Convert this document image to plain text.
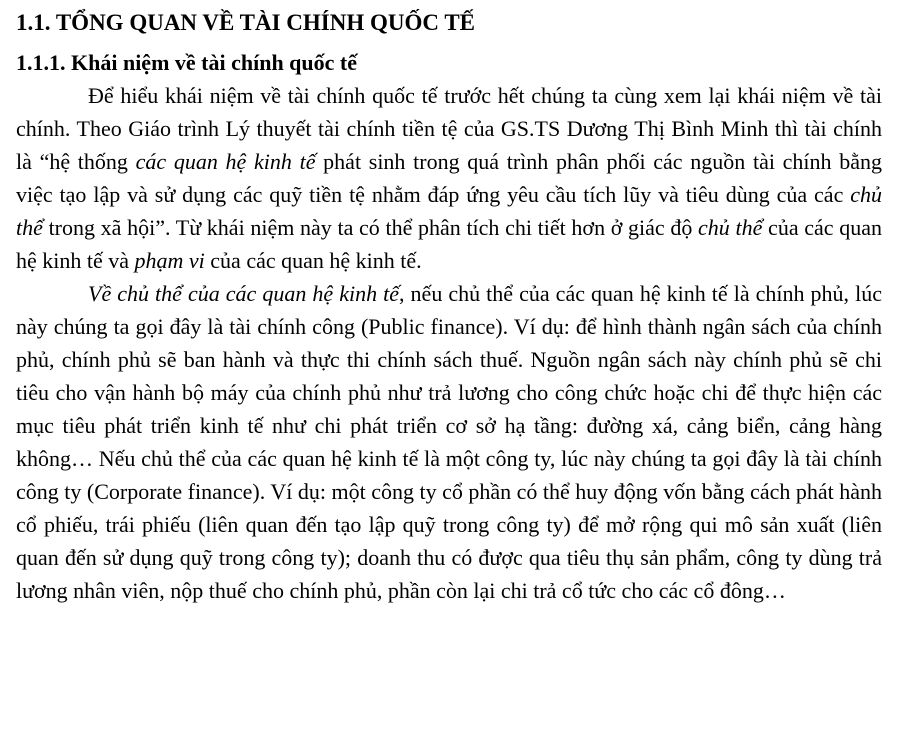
1.1. TỔNG QUAN VỀ TÀI CHÍNH QUỐC TẾ
1.1.1. Khái niệm về tài chính quốc tế

Để hiểu khái niệm về tài chính quốc tế trước hết chúng ta cùng xem lại khái niệm về tài chính. Theo Giáo trình Lý thuyết tài chính tiền tệ của GS.TS Dương Thị Bình Minh thì tài chính là “hệ thống các quan hệ kinh tế phát sinh trong quá trình phân phối các nguồn tài chính bằng việc tạo lập và sử dụng các quỹ tiền tệ nhằm đáp ứng yêu cầu tích lũy và tiêu dùng của các chủ thể trong xã hội”. Từ khái niệm này ta có thể phân tích chi tiết hơn ở giác độ chủ thể của các quan hệ kinh tế và phạm vi của các quan hệ kinh tế.

Về chủ thể của các quan hệ kinh tế, nếu chủ thể của các quan hệ kinh tế là chính phủ, lúc này chúng ta gọi đây là tài chính công (Public finance). Ví dụ: để hình thành ngân sách của chính phủ, chính phủ sẽ ban hành và thực thi chính sách thuế. Nguồn ngân sách này chính phủ sẽ chi tiêu cho vận hành bộ máy của chính phủ như trả lương cho công chức hoặc chi để thực hiện các mục tiêu phát triển kinh tế như chi phát triển cơ sở hạ tầng: đường xá, cảng biển, cảng hàng không… Nếu chủ thể của các quan hệ kinh tế là một công ty, lúc này chúng ta gọi đây là tài chính công ty (Corporate finance). Ví dụ: một công ty cổ phần có thể huy động vốn bằng cách phát hành cổ phiếu, trái phiếu (liên quan đến tạo lập quỹ trong công ty) để mở rộng qui mô sản xuất (liên quan đến sử dụng quỹ trong công ty); doanh thu có được qua tiêu thụ sản phẩm, công ty dùng trả lương nhân viên, nộp thuế cho chính phủ, phần còn lại chi trả cổ tức cho các cổ đông…
